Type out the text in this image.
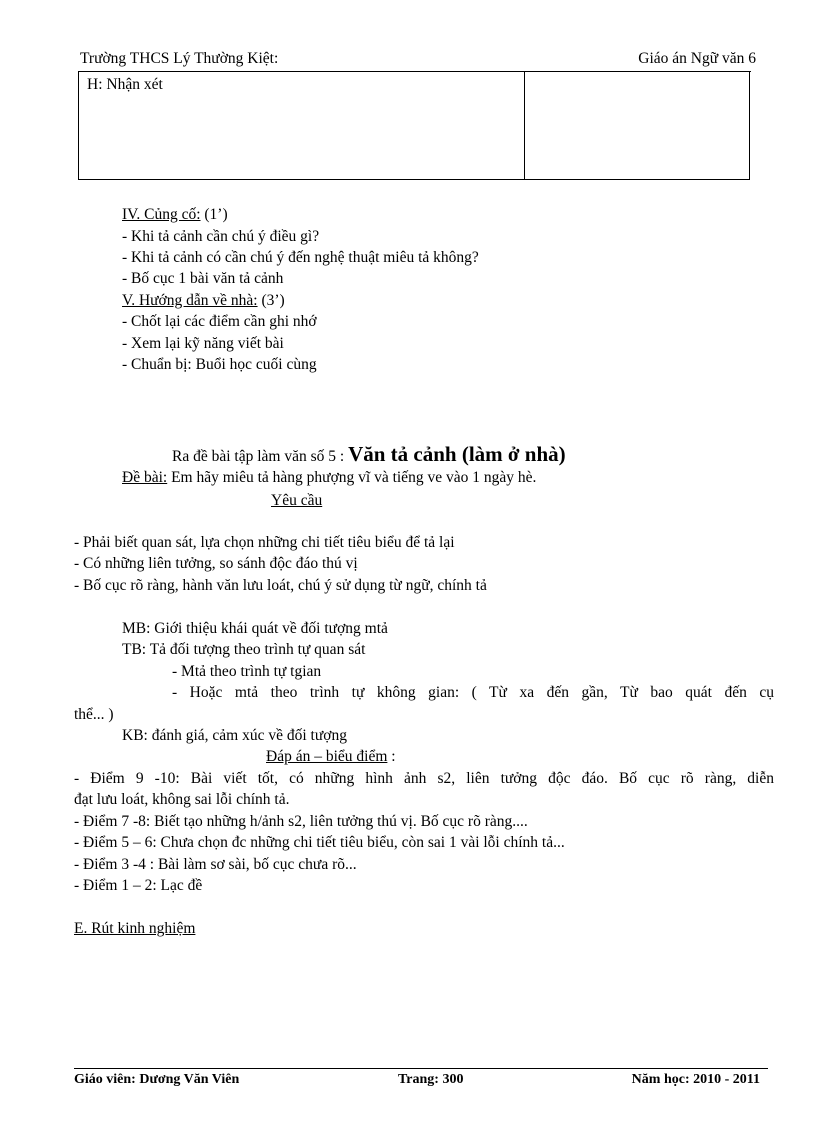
Trường THCS Lý Thường Kiệt:	Giáo án Ngữ văn 6
H: Nhận xét
IV. Củng cố: (1’)
- Khi tả cảnh cần chú ý điều gì?
- Khi tả cảnh có cần chú ý đến nghệ thuật miêu tả không?
- Bố cục 1 bài văn tả cảnh
V. Hướng dẫn về nhà: (3’)
- Chốt lại các điểm cần ghi nhớ
- Xem lại kỹ năng viết bài
- Chuẩn bị: Buổi học cuối cùng
Ra đề bài tập làm văn số 5 : Văn tả cảnh (làm ở nhà)
Đề bài: Em hãy miêu tả hàng phượng vĩ và tiếng ve vào 1 ngày hè.
Yêu cầu
- Phải biết quan sát, lựa chọn những chi tiết tiêu biểu để tả lại
- Có những liên tưởng, so sánh độc đáo thú vị
- Bố cục rõ ràng, hành văn lưu loát, chú ý sử dụng từ ngữ, chính tả
MB: Giới thiệu khái quát về đối tượng mtả
TB: Tả đối tượng theo trình tự quan sát
- Mtả theo trình tự tgian
- Hoặc mtả theo trình tự không gian: ( Từ xa đến gần, Từ bao quát đến cụ
thể... )
KB: đánh giá, cảm xúc về đối tượng
Đáp án – biểu điểm :
- Điểm 9 -10: Bài viết tốt, có những hình ảnh s2, liên tưởng độc đáo. Bố cục rõ ràng, diễn
đạt lưu loát, không sai lỗi chính tả.
- Điểm 7 -8: Biết tạo những h/ảnh s2, liên tưởng thú vị. Bố cục rõ ràng....
- Điểm 5 – 6: Chưa chọn đc những chi tiết tiêu biểu, còn sai 1 vài lỗi chính tả...
- Điểm 3 -4 : Bài làm sơ sài, bố cục chưa rõ...
- Điểm 1 – 2: Lạc đề
E. Rút kinh nghiệm
Giáo viên: Dương Văn Viên	Trang: 300	Năm học: 2010 - 2011
